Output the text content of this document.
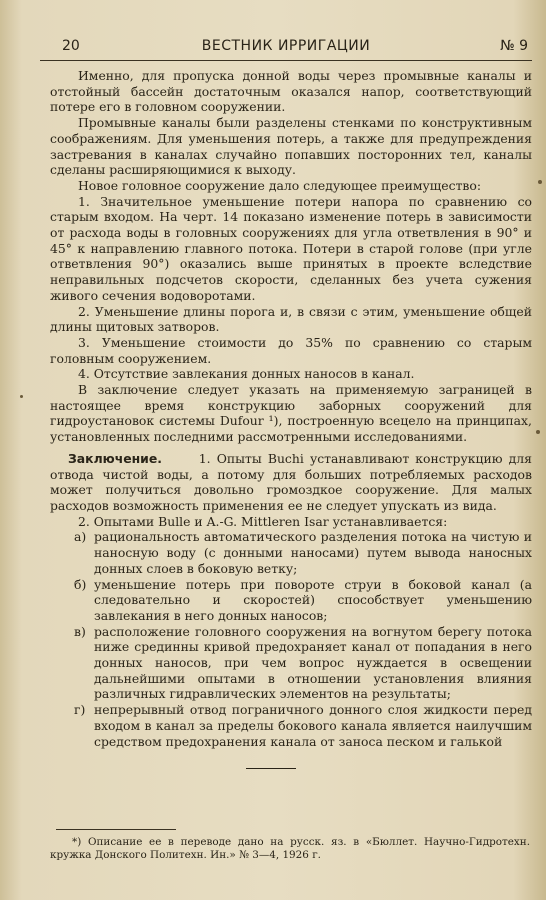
20	ВЕСТНИК ИРРИГАЦИИ	№ 9

Именно, для пропуска донной воды через промывные каналы и отстойный бассейн достаточным оказался напор, соответствующий потере его в головном сооружении.

Промывные каналы были разделены стенками по конструктивным соображениям. Для уменьшения потерь, а также для предупреждения застревания в каналах случайно попавших посторонних тел, каналы сделаны расширяющимися к выходу.

Новое головное сооружение дало следующее преимущество:

1. Значительное уменьшение потери напора по сравнению со старым входом. На черт. 14 показано изменение потерь в зависимости от расхода воды в головных сооружениях для угла ответвления в 90° и 45° к направлению главного потока. Потери в старой голове (при угле ответвления 90°) оказались выше принятых в проекте вследствие неправильных подсчетов скорости, сделанных без учета сужения живого сечения водоворотами.

2. Уменьшение длины порога и, в связи с этим, уменьшение общей длины щитовых затворов.

3. Уменьшение стоимости до 35% по сравнению со старым головным сооружением.

4. Отсутствие завлекания донных наносов в канал.

В заключение следует указать на применяемую заграницей в настоящее время конструкцию заборных сооружений для гидроустановок системы Dufour ¹), построенную всецело на принципах, установленных последними рассмотренными исследованиями.

Заключение.	1. Опыты Buchi устанавливают конструкцию для отвода чистой воды, а потому для больших потребляемых расходов может получиться довольно громоздкое сооружение. Для малых расходов возможность применения ее не следует упускать из вида.

2. Опытами Bulle и A.-G. Mittleren Isar устанавливается:

а) рациональность автоматического разделения потока на чистую и наносную воду (с донными наносами) путем вывода наносных донных слоев в боковую ветку;
б) уменьшение потерь при повороте струи в боковой канал (а следовательно и скоростей) способствует уменьшению завлекания в него донных наносов;
в) расположение головного сооружения на вогнутом берегу потока ниже срединны кривой предохраняет канал от попадания в него донных наносов, при чем вопрос нуждается в освещении дальнейшими опытами в отношении установления влияния различных гидравлических элементов на результаты;
г) непрерывный отвод пограничного донного слоя жидкости перед входом в канал за пределы бокового канала является наилучшим средством предохранения канала от заноса песком и галькой

*) Описание ее в переводе дано на русск. яз. в «Бюллет. Научно-Гидротехн. кружка Донского Политехн. Ин.» № 3—4, 1926 г.
